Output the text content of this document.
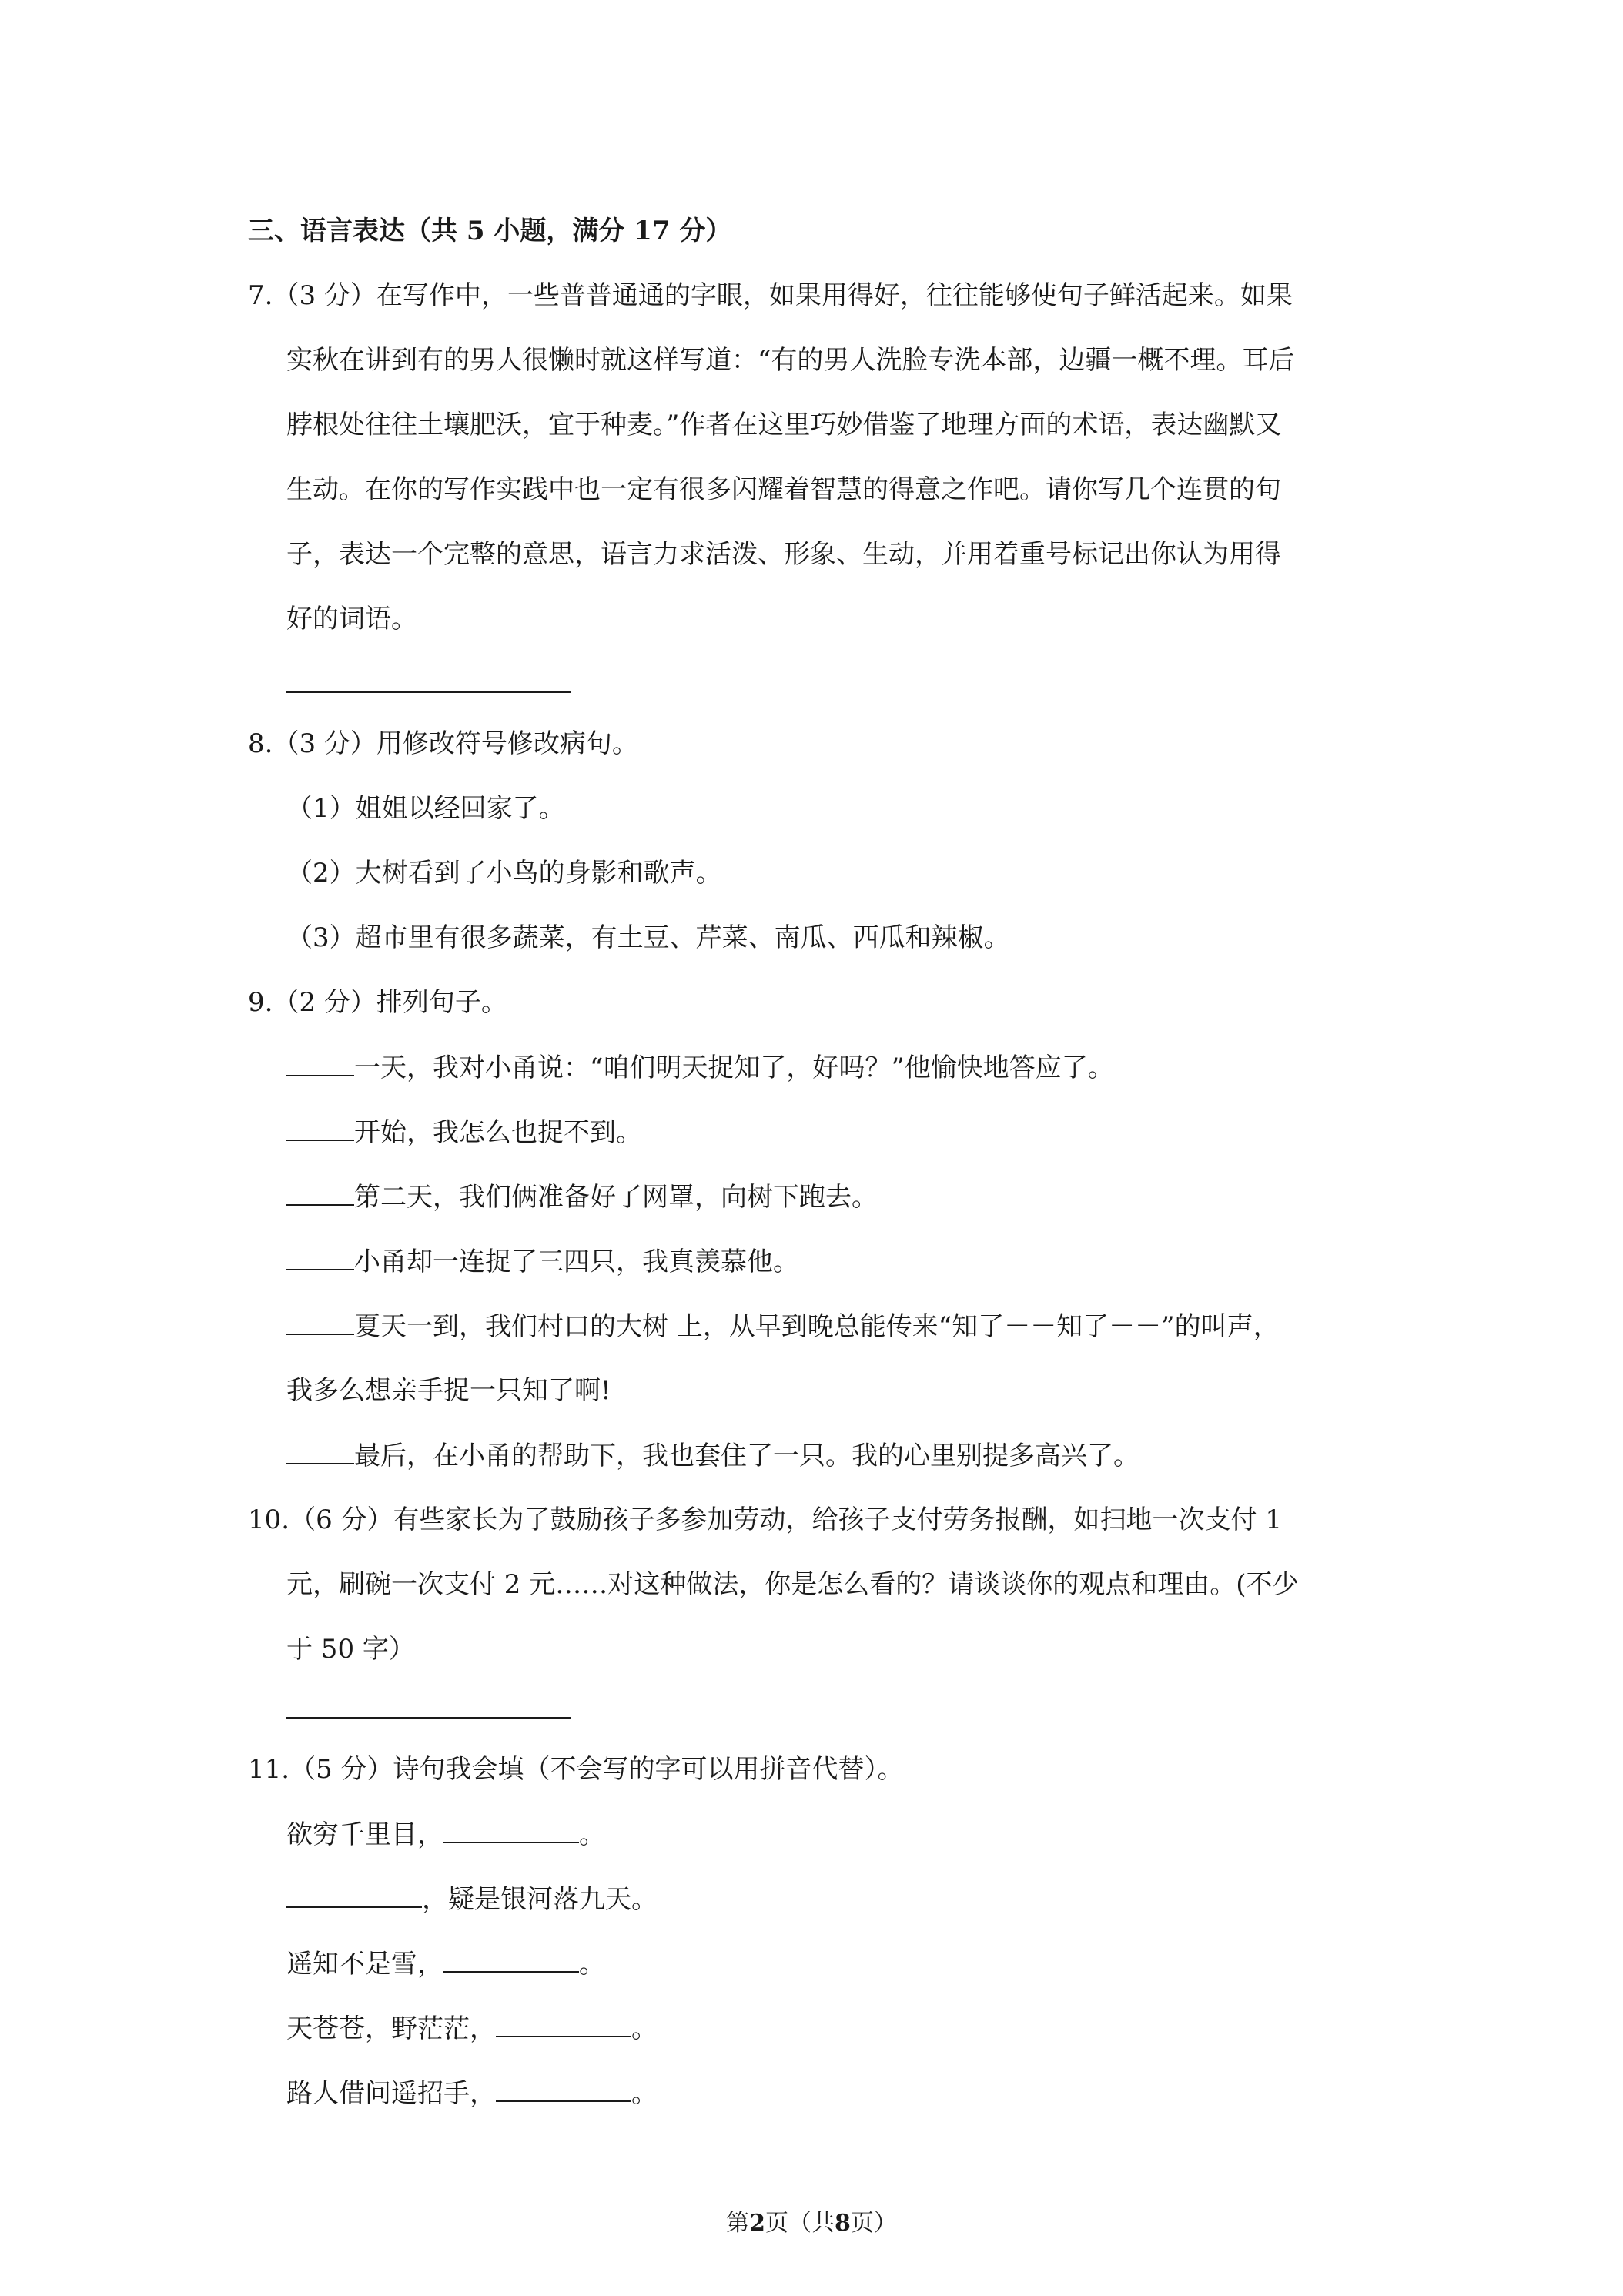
三、语言表达（共 5 小题，满分 17 分）
7.（3 分）在写作中，一些普普通通的字眼，如果用得好，往往能够使句子鲜活起来。如果
实秋在讲到有的男人很懒时就这样写道：“有的男人洗脸专洗本部，边疆一概不理。耳后
脖根处往往土壤肥沃，宜于种麦。”作者在这里巧妙借鉴了地理方面的术语，表达幽默又
生动。在你的写作实践中也一定有很多闪耀着智慧的得意之作吧。请你写几个连贯的句
子，表达一个完整的意思，语言力求活泼、形象、生动，并用着重号标记出你认为用得
好的词语。
8.（3 分）用修改符号修改病句。
（1）姐姐以经回家了。
（2）大树看到了小鸟的身影和歌声。
（3）超市里有很多蔬菜，有土豆、芹菜、南瓜、西瓜和辣椒。
9.（2 分）排列句子。
一天，我对小甬说：“咱们明天捉知了，好吗？”他愉快地答应了。
开始，我怎么也捉不到。
第二天，我们俩准备好了网罩，向树下跑去。
小甬却一连捉了三四只，我真羡慕他。
夏天一到，我们村口的大树 上，从早到晚总能传来“知了－－知了－－”的叫声，
我多么想亲手捉一只知了啊!
最后，在小甬的帮助下，我也套住了一只。我的心里别提多高兴了。
10.（6 分）有些家长为了鼓励孩子多参加劳动，给孩子支付劳务报酬，如扫地一次支付 1
元，刷碗一次支付 2 元……对这种做法，你是怎么看的？请谈谈你的观点和理由。(不少
于 50 字）
11.（5 分）诗句我会填（不会写的字可以用拼音代替）。
欲穷千里目，	。
，疑是银河落九天。
遥知不是雪，	。
天苍苍，野茫茫，	。
路人借问遥招手，	。
第2页（共8页）
